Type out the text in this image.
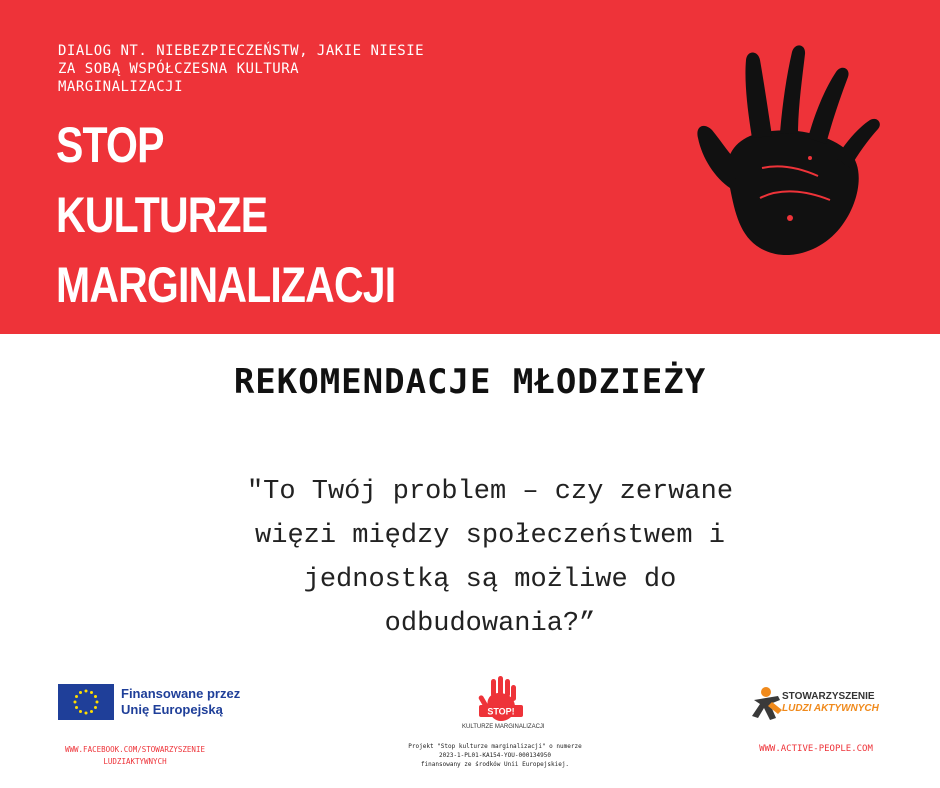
DIALOG NT. NIEBEZPIECZEŃSTW, JAKIE NIESIE
ZA SOBĄ WSPÓŁCZESNA KULTURA
MARGINALIZACJI
STOP
KULTURZE
MARGINALIZACJI
REKOMENDACJE MŁODZIEŻY
"To Twój problem – czy zerwane
więzi między społeczeństwem i
jednostką są możliwe do
odbudowania?”
Finansowane przez
Unię Europejską
WWW.FACEBOOK.COM/STOWARZYSZENIE
LUDZIAKTYWNYCH
STOP!
KULTURZE MARGINALIZACJI
Projekt "Stop kulturze marginalizacji" o numerze
2023-1-PL01-KA154-YOU-000134950
finansowany ze środków Unii Europejskiej.
STOWARZYSZENIE
LUDZI AKTYWNYCH
WWW.ACTIVE-PEOPLE.COM
